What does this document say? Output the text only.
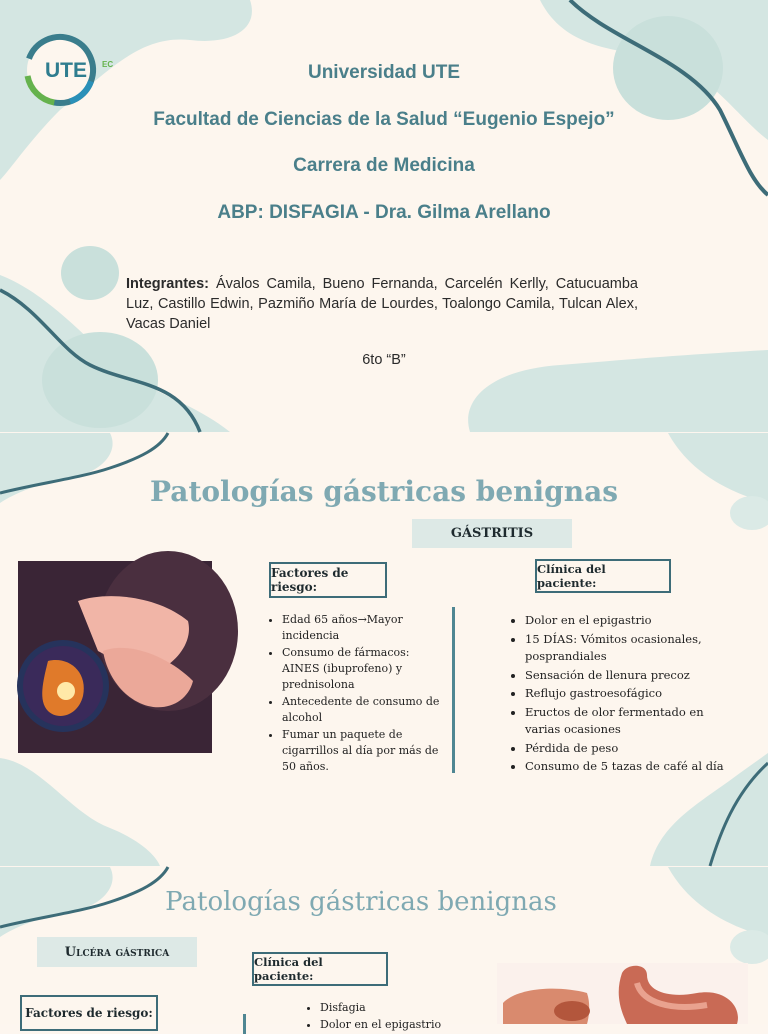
UTE EC	Universidad UTE
Facultad de Ciencias de la Salud “Eugenio Espejo”
Carrera de Medicina
ABP: DISFAGIA - Dra. Gilma Arellano
Integrantes: Ávalos Camila, Bueno Fernanda, Carcelén Kerlly, Catucuamba Luz, Castillo Edwin, Pazmiño María de Lourdes, Toalongo Camila, Tulcan Alex, Vacas Daniel
6to “B”
Patologías gástricas benignas
GÁSTRITIS
Factores de riesgo:
Clínica del paciente:
• Edad 65 años→Mayor incidencia
• Consumo de fármacos: AINES (ibuprofeno) y prednisolona
• Antecedente de consumo de alcohol
• Fumar un paquete de cigarrillos al día por más de 50 años.
• Dolor en el epigastrio
• 15 DÍAS: Vómitos ocasionales, posprandiales
• Sensación de llenura precoz
• Reflujo gastroesofágico
• Eructos de olor fermentado en varias ocasiones
• Pérdida de peso
• Consumo de 5 tazas de café al día
Patologías gástricas benignas
Ulcéra gástrica
Clínica del paciente:
Factores de riesgo:
•	Disfagia
• Dolor en el epigastrio
